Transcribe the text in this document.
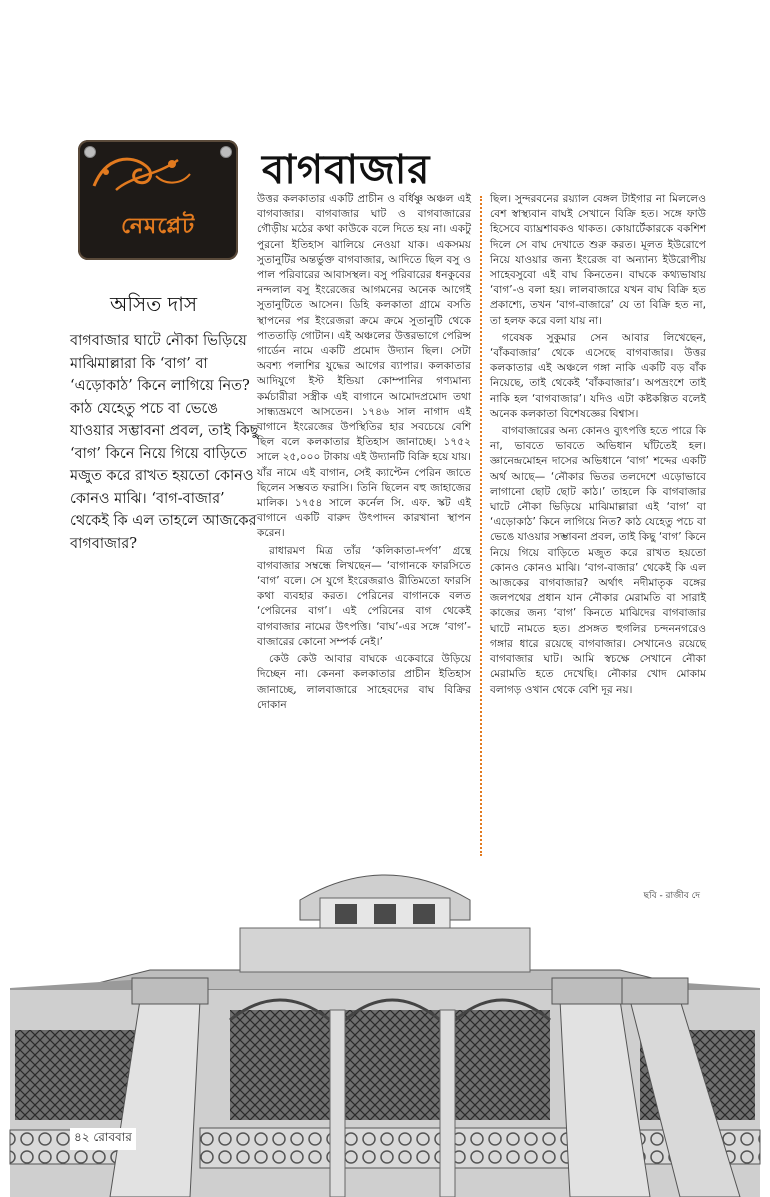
নেমপ্লেট
বাগবাজার
অসিত দাস
বাগবাজার ঘাটে নৌকা ভিড়িয়ে মাঝিমাল্লারা কি ‘বাগ’ বা ‘এড়োকাঠ’ কিনে লাগিয়ে নিত? কাঠ যেহেতু পচে বা ভেঙে যাওয়ার সম্ভাবনা প্রবল, তাই কিছু ‘বাগ’ কিনে নিয়ে গিয়ে বাড়িতে মজুত করে রাখত হয়তো কোনও কোনও মাঝি। ‘বাগ-বাজার’ থেকেই কি এল তাহলে আজকের বাগবাজার?

উত্তর কলকাতার একটি প্রাচীন ও বর্ধিষ্ণু অঞ্চল এই বাগবাজার। বাগবাজার ঘাট ও বাগবাজারের গৌড়ীয় মঠের কথা কাউকে বলে দিতে হয় না। একটু পুরনো ইতিহাস ঝালিয়ে নেওয়া যাক। একসময় সুতানুটির অন্তর্ভুক্ত বাগবাজার, আদিতে ছিল বসু ও পাল পরিবারের আবাসস্থল। বসু পরিবারের ধনকুবের নন্দলাল বসু ইংরেজের আগমনের অনেক আগেই সুতানুটিতে আসেন। ডিহি কলকাতা গ্রামে বসতি স্থাপনের পর ইংরেজরা ক্রমে ক্রমে সুতানুটি থেকে পাততাড়ি গোটান। এই অঞ্চলের উত্তরভাগে পেরিন্স গার্ডেন নামে একটি প্রমোদ উদ্যান ছিল। সেটা অবশ্য পলাশির যুদ্ধের আগের ব্যাপার। কলকাতার আদিযুগে ইস্ট ইন্ডিয়া কোম্পানির গণ্যমান্য কর্মচারীরা সস্ত্রীক এই বাগানে আমোদপ্রমোদ তথা সান্ধ্যভ্রমণে আসতেন। ১৭৪৬ সাল নাগাদ এই বাগানে ইংরেজের উপস্থিতির হার সবচেয়ে বেশি ছিল বলে কলকাতার ইতিহাস জানাচ্ছে। ১৭৫২ সালে ২৫,০০০ টাকায় এই উদ্যানটি বিক্রি হয়ে যায়। যাঁর নামে এই বাগান, সেই ক্যাপ্টেন পেরিন জাতে ছিলেন সম্ভবত ফরাসি। তিনি ছিলেন বহু জাহাজের মালিক। ১৭৫৪ সালে কর্নেল সি. এফ. স্কট এই বাগানে একটি বারুদ উৎপাদন কারখানা স্থাপন করেন।

রাধারমণ মিত্র তাঁর ‘কলিকাতা-দর্পণ’ গ্রন্থে বাগবাজার সম্বন্ধে লিখছেন— ‘বাগানকে ফারসিতে ‘বাগ’ বলে। সে যুগে ইংরেজরাও রীতিমতো ফারসি কথা ব্যবহার করত। পেরিনের বাগানকে বলত ‘পেরিনের বাগ’। এই পেরিনের বাগ থেকেই বাগবাজার নামের উৎপত্তি। ‘বাঘ’-এর সঙ্গে ‘বাগ’-বাজারের কোনো সম্পর্ক নেই।’

কেউ কেউ আবার বাঘকে একেবারে উড়িয়ে দিচ্ছেন না। কেননা কলকাতার প্রাচীন ইতিহাস জানাচ্ছে, লালবাজারে সাহেবদের বাঘ বিক্রির দোকান

ছিল। সুন্দরবনের রয়্যাল বেঙ্গল টাইগার না মিললেও বেশ স্বাস্থ্যবান বাঘই সেখানে বিক্রি হত। সঙ্গে ফাউ হিসেবে ব্যাঘ্রশাবকও থাকত। কোয়ার্টেকারকে বকশিশ দিলে সে বাঘ দেখাতে শুরু করত। মূলত ইউরোপে নিয়ে যাওয়ার জন্য ইংরেজ বা অন্যান্য ইউরোপীয় সাহেবসুবো এই বাঘ কিনতেন। বাঘকে কথ্যভাষায় ‘বাগ’-ও বলা হয়। লালবাজারে যখন বাঘ বিক্রি হত প্রকাশ্যে, তখন ‘বাগ-বাজারে’ যে তা বিক্রি হত না, তা হলফ করে বলা যায় না।

গবেষক সুকুমার সেন আবার লিখেছেন, ‘বাঁকবাজার’ থেকে এসেছে বাগবাজার। উত্তর কলকাতার এই অঞ্চলে গঙ্গা নাকি একটি বড় বাঁক নিয়েছে, তাই থেকেই ‘বাঁকবাজার’। অপভ্রংশে তাই নাকি হল ‘বাগবাজার’। যদিও এটা কষ্টকল্পিত বলেই অনেক কলকাতা বিশেষজ্ঞের বিশ্বাস।

বাগবাজারের অন্য কোনও ব্যুৎপত্তি হতে পারে কি না, ভাবতে ভাবতে অভিধান ঘাঁটতেই হল। জ্ঞানেন্দ্রমোহন দাসের অভিধানে ‘বাগ’ শব্দের একটি অর্থ আছে— ‘নৌকার ভিতর তলদেশে এড়োভাবে লাগানো ছোট ছোট কাঠ।’ তাহলে কি বাগবাজার ঘাটে নৌকা ভিড়িয়ে মাঝিমাল্লারা এই ‘বাগ’ বা ‘এড়োকাঠ’ কিনে লাগিয়ে নিত? কাঠ যেহেতু পচে বা ভেঙে যাওয়ার সম্ভাবনা প্রবল, তাই কিছু ‘বাগ’ কিনে নিয়ে গিয়ে বাড়িতে মজুত করে রাখত হয়তো কোনও কোনও মাঝি। ‘বাগ-বাজার’ থেকেই কি এল আজকের বাগবাজার? অর্থাৎ নদীমাতৃক বঙ্গের জলপথের প্রধান যান নৌকার মেরামতি বা সারাই কাজের জন্য ‘বাগ’ কিনতে মাঝিদের বাগবাজার ঘাটে নামতে হত। প্রসঙ্গত হুগলির চন্দননগরেও গঙ্গার ধারে রয়েছে বাগবাজার। সেখানেও রয়েছে বাগবাজার ঘাট। আমি স্বচক্ষে সেখানে নৌকা মেরামতি হতে দেখেছি। নৌকার খোদ মোকাম বলাগড় ওখান থেকে বেশি দূর নয়।

ছবি - রাজীব দে
৪২ রোববার
